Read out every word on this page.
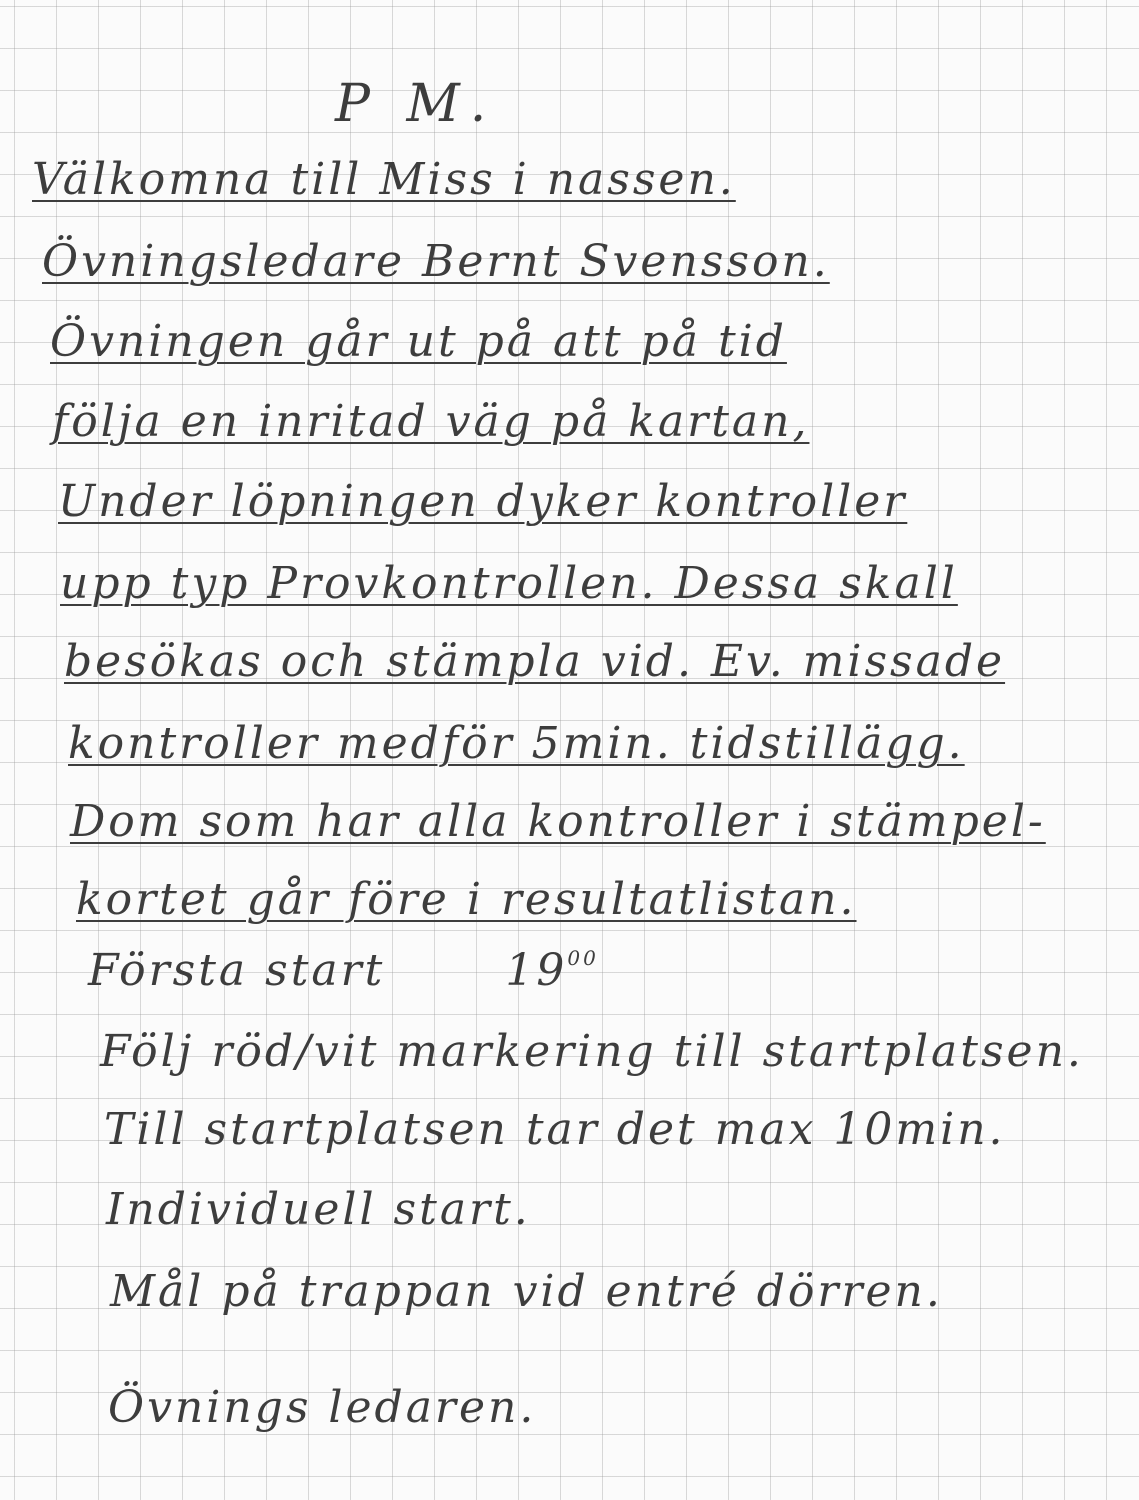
P M.
Välkomna till Miss i nassen.
Övningsledare Bernt Svensson.
Övningen går ut på att på tid
följa en inritad väg på kartan,
Under löpningen dyker kontroller
upp typ Provkontrollen. Dessa skall
besökas och stämpla vid. Ev. missade
kontroller medför 5min. tidstillägg.
Dom som har alla kontroller i stämpel-
kortet går före i resultatlistan.
Första start	$19^{00}$
Följ röd/vit markering till startplatsen.
Till startplatsen tar det max 10min.
Individuell start.
Mål på trappan vid entré dörren.
Övnings ledaren.
